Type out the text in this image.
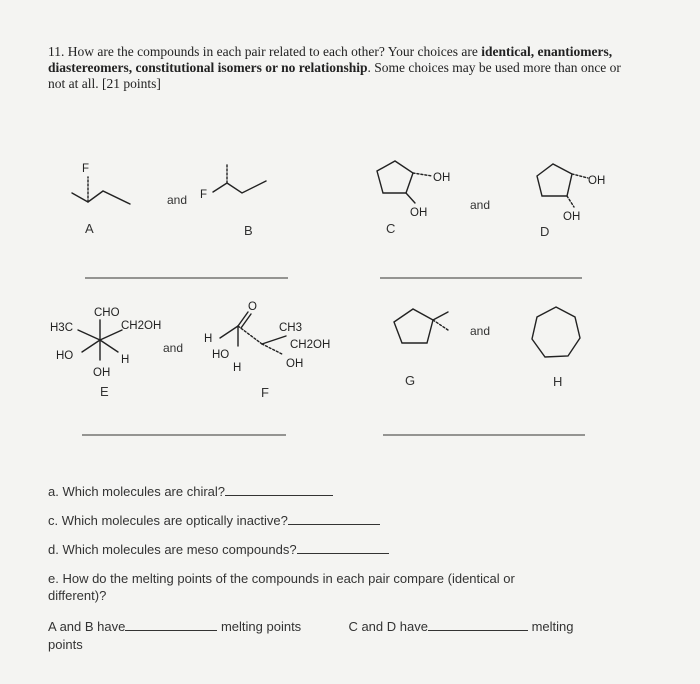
11. How are the compounds in each pair related to each other? Your choices are identical, enantiomers, diastereomers, constitutional isomers or no relationship. Some choices may be used more than once or not at all. [21 points]
F
A
and F
B
OH
OH
C
and
OH
OH
D
CHO
H3C	CH2OH
HO	H
OH
E
and
O
H
CH3
CH2OH
HO
H	OH
F
G
and
H
a. Which molecules are chiral?
c. Which molecules are optically inactive?
d. Which molecules are meso compounds?
e. How do the melting points of the compounds in each pair compare (identical or different)?
A and B have	melting points	C and D have	melting
points
